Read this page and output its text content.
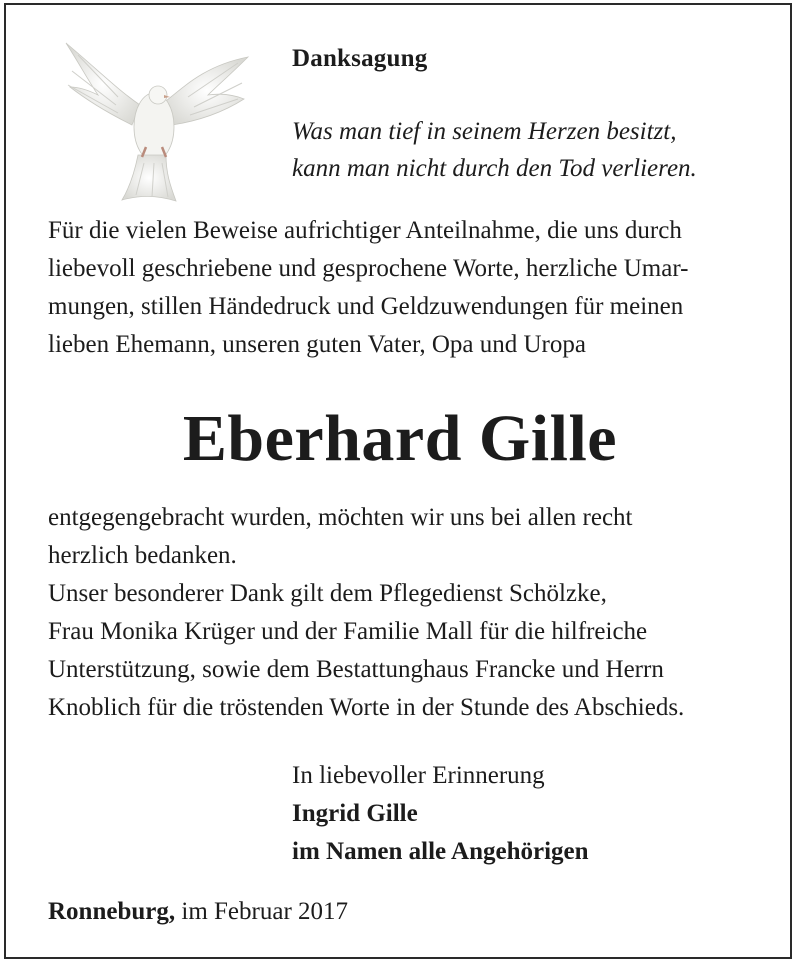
Danksagung
Was man tief in seinem Herzen besitzt,
kann man nicht durch den Tod verlieren.
Für die vielen Beweise aufrichtiger Anteilnahme, die uns durch
liebevoll geschriebene und gesprochene Worte, herzliche Umar-
mungen, stillen Händedruck und Geldzuwendungen für meinen
lieben Ehemann, unseren guten Vater, Opa und Uropa
Eberhard Gille
entgegengebracht wurden, möchten wir uns bei allen recht
herzlich bedanken.
Unser besonderer Dank gilt dem Pflegedienst Schölzke,
Frau Monika Krüger und der Familie Mall für die hilfreiche
Unterstützung, sowie dem Bestattunghaus Francke und Herrn
Knoblich für die tröstenden Worte in der Stunde des Abschieds.
In liebevoller Erinnerung
Ingrid Gille
im Namen alle Angehörigen
Ronneburg, im Februar 2017
